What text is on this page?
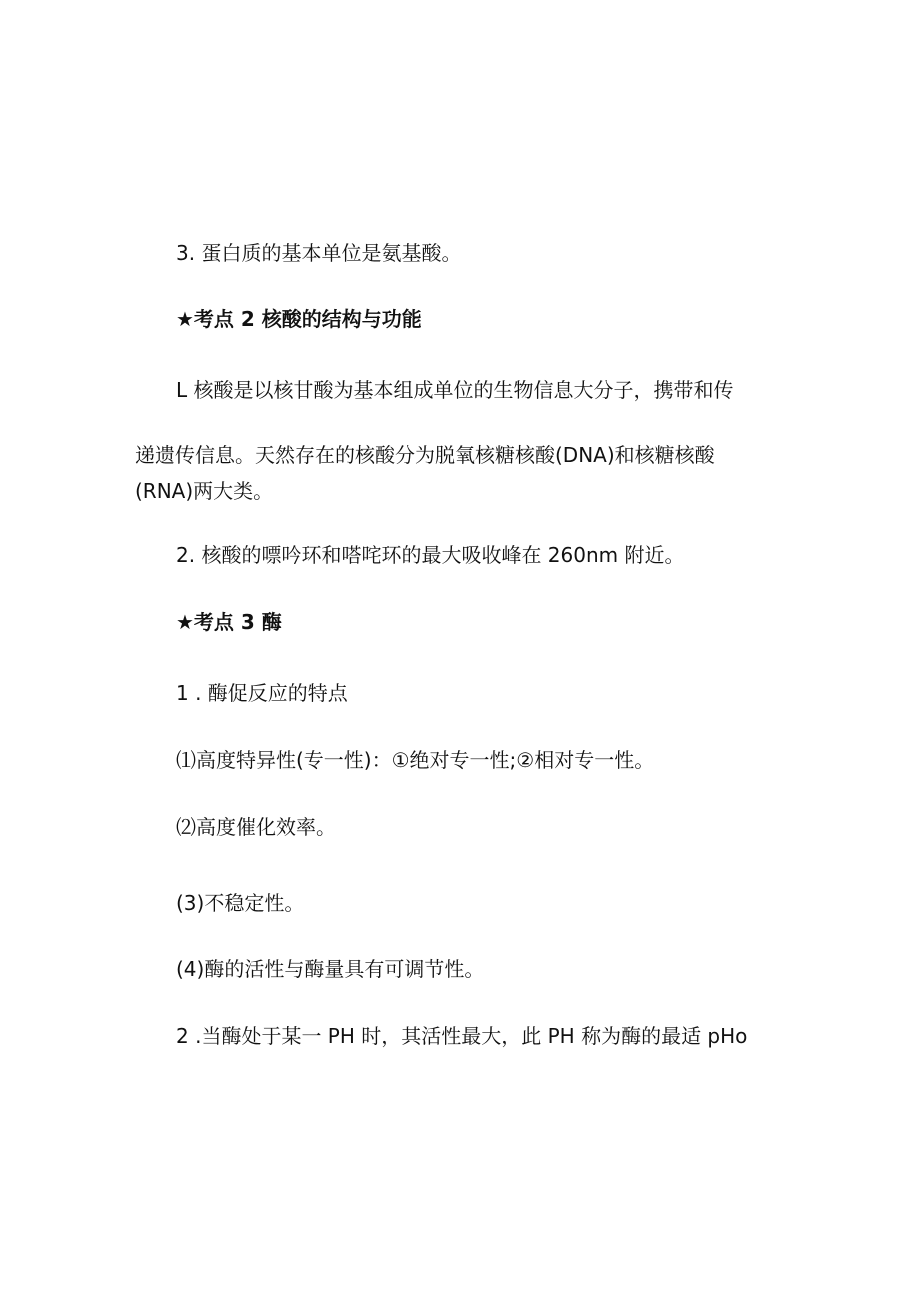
3. 蛋白质的基本单位是氨基酸。
★考点 2 核酸的结构与功能
L 核酸是以核甘酸为基本组成单位的生物信息大分子，携带和传
递遗传信息。天然存在的核酸分为脱氧核糖核酸(DNA)和核糖核酸
(RNA)两大类。
2. 核酸的嘌吟环和嗒咤环的最大吸收峰在 260nm 附近。
★考点 3 酶
1 . 酶促反应的特点
⑴高度特异性(专一性)：①绝对专一性;②相对专一性。
⑵高度催化效率。
(3)不稳定性。
(4)酶的活性与酶量具有可调节性。
2 .当酶处于某一 PH 时，其活性最大，此 PH 称为酶的最适 pHo
